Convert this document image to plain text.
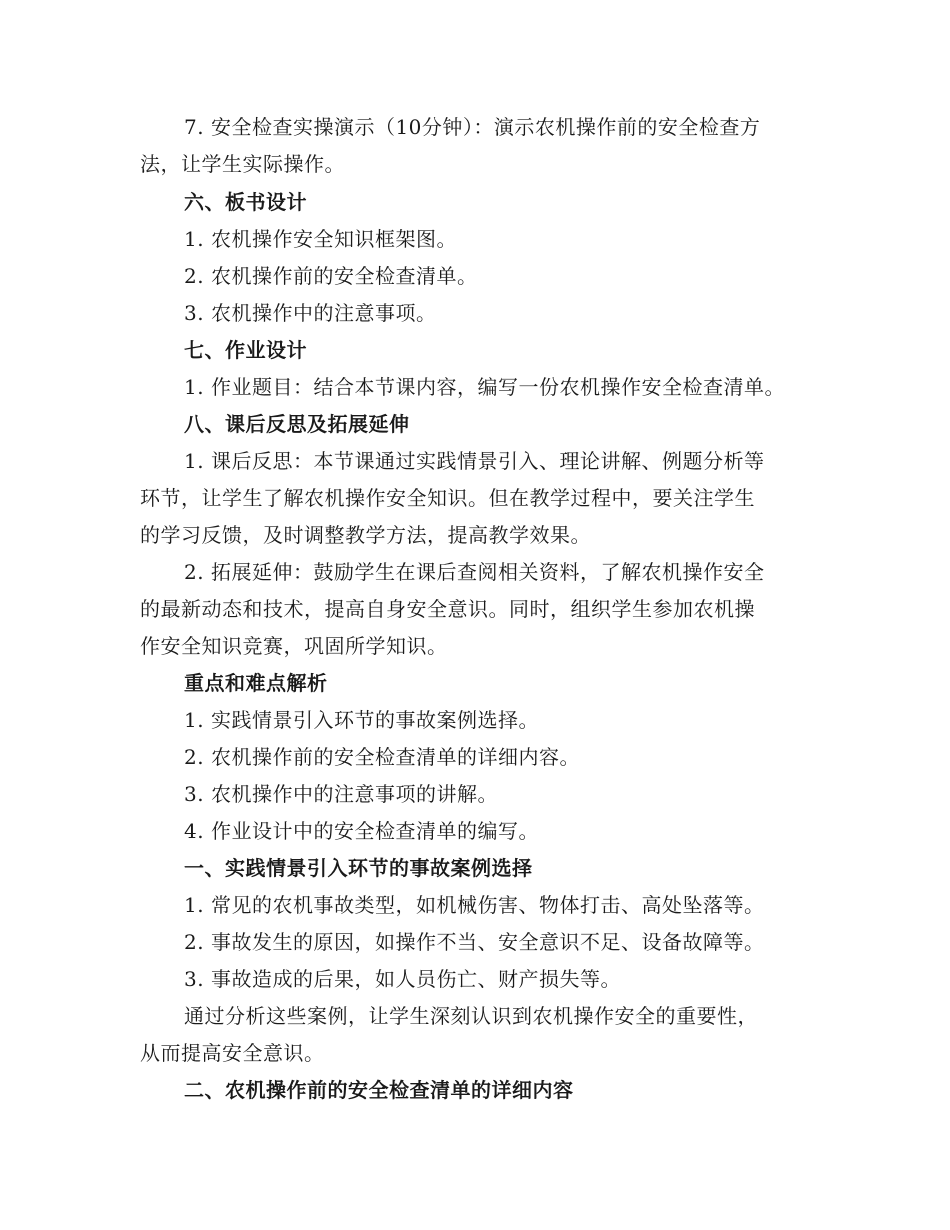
7. 安全检查实操演示（10分钟）：演示农机操作前的安全检查方
法，让学生实际操作。
六、板书设计
1. 农机操作安全知识框架图。
2. 农机操作前的安全检查清单。
3. 农机操作中的注意事项。
七、作业设计
1. 作业题目：结合本节课内容，编写一份农机操作安全检查清单。
八、课后反思及拓展延伸
1. 课后反思：本节课通过实践情景引入、理论讲解、例题分析等
环节，让学生了解农机操作安全知识。但在教学过程中，要关注学生
的学习反馈，及时调整教学方法，提高教学效果。
2. 拓展延伸：鼓励学生在课后查阅相关资料，了解农机操作安全
的最新动态和技术，提高自身安全意识。同时，组织学生参加农机操
作安全知识竞赛，巩固所学知识。
重点和难点解析
1. 实践情景引入环节的事故案例选择。
2. 农机操作前的安全检查清单的详细内容。
3. 农机操作中的注意事项的讲解。
4. 作业设计中的安全检查清单的编写。
一、实践情景引入环节的事故案例选择
1. 常见的农机事故类型，如机械伤害、物体打击、高处坠落等。
2. 事故发生的原因，如操作不当、安全意识不足、设备故障等。
3. 事故造成的后果，如人员伤亡、财产损失等。
通过分析这些案例，让学生深刻认识到农机操作安全的重要性，
从而提高安全意识。
二、农机操作前的安全检查清单的详细内容
